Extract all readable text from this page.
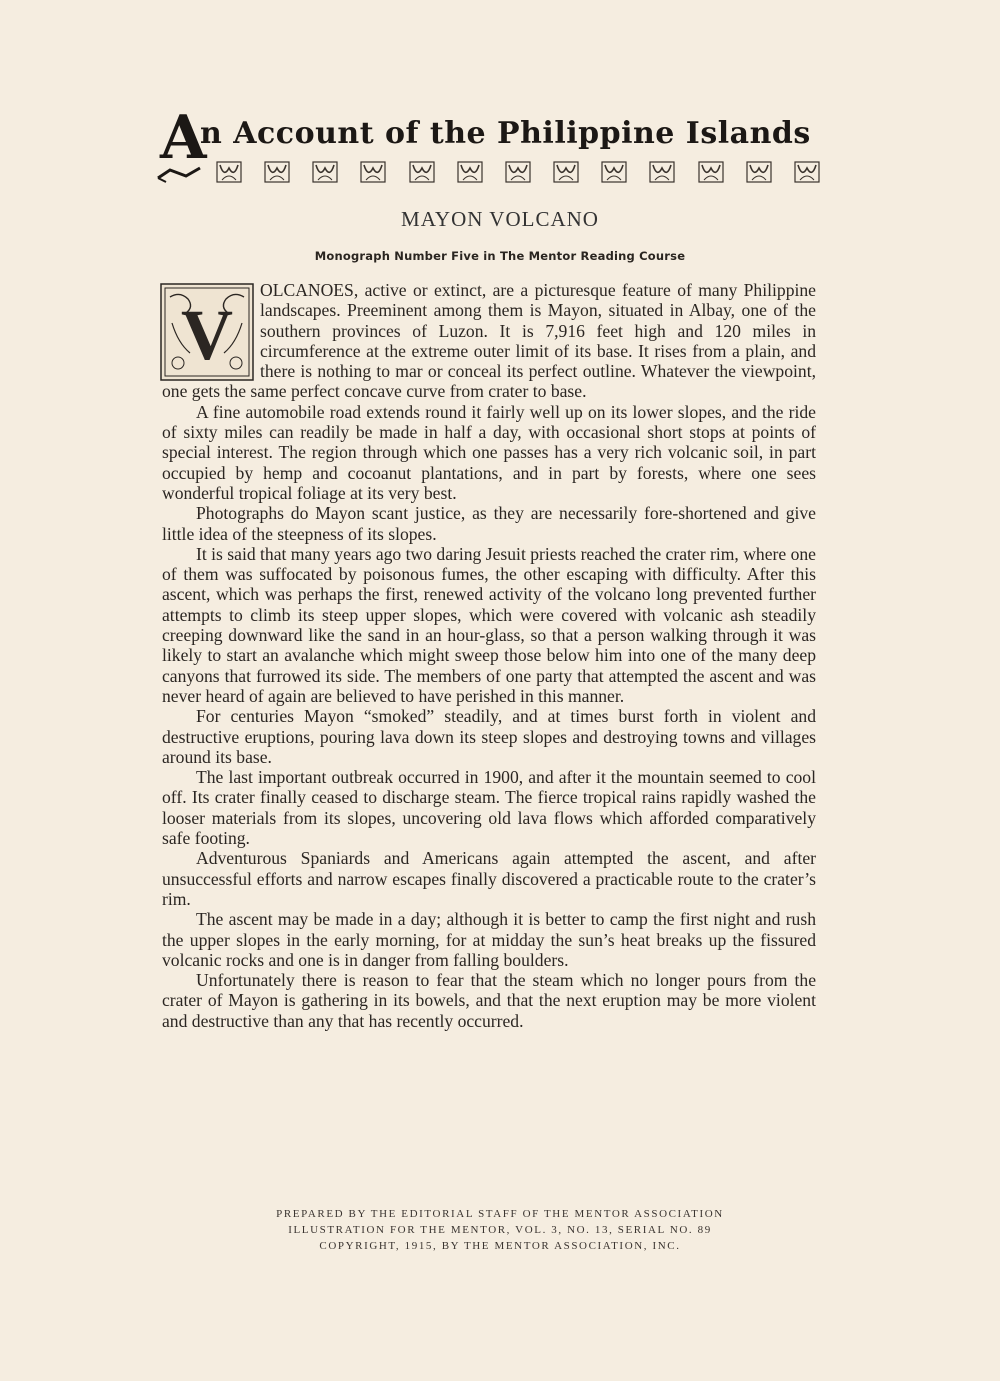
A
n Account of the Philippine Islands
MAYON VOLCANO
Monograph Number Five in The Mentor Reading Course
V

OLCANOES, active or extinct, are a picturesque feature of many Philippine landscapes. Preeminent among them is Mayon, situated in Albay, one of the southern provinces of Luzon. It is 7,916 feet high and 120 miles in circumference at the extreme outer limit of its base. It rises from a plain, and there is nothing to mar or conceal its perfect outline. Whatever the viewpoint, one gets the same perfect concave curve from crater to base.

A fine automobile road extends round it fairly well up on its lower slopes, and the ride of sixty miles can readily be made in half a day, with occasional short stops at points of special interest. The region through which one passes has a very rich volcanic soil, in part occupied by hemp and cocoanut plantations, and in part by forests, where one sees wonderful tropical foliage at its very best.

Photographs do Mayon scant justice, as they are necessarily fore-shortened and give little idea of the steepness of its slopes.

It is said that many years ago two daring Jesuit priests reached the crater rim, where one of them was suffocated by poisonous fumes, the other escaping with difficulty. After this ascent, which was perhaps the first, renewed activity of the volcano long prevented further attempts to climb its steep upper slopes, which were covered with volcanic ash steadily creeping downward like the sand in an hour-glass, so that a person walking through it was likely to start an avalanche which might sweep those below him into one of the many deep canyons that furrowed its side. The members of one party that attempted the ascent and was never heard of again are believed to have perished in this manner.

For centuries Mayon “smoked” steadily, and at times burst forth in violent and destructive eruptions, pouring lava down its steep slopes and destroying towns and villages around its base.

The last important outbreak occurred in 1900, and after it the mountain seemed to cool off. Its crater finally ceased to discharge steam. The fierce tropical rains rapidly washed the looser materials from its slopes, uncovering old lava flows which afforded comparatively safe footing.

Adventurous Spaniards and Americans again attempted the ascent, and after unsuccessful efforts and narrow escapes finally discovered a practicable route to the crater’s rim.

The ascent may be made in a day; although it is better to camp the first night and rush the upper slopes in the early morning, for at midday the sun’s heat breaks up the fissured volcanic rocks and one is in danger from falling boulders.

Unfortunately there is reason to fear that the steam which no longer pours from the crater of Mayon is gathering in its bowels, and that the next eruption may be more violent and destructive than any that has recently occurred.

PREPARED BY THE EDITORIAL STAFF OF THE MENTOR ASSOCIATION
ILLUSTRATION FOR THE MENTOR, VOL. 3, NO. 13, SERIAL NO. 89
COPYRIGHT, 1915, BY THE MENTOR ASSOCIATION, INC.
